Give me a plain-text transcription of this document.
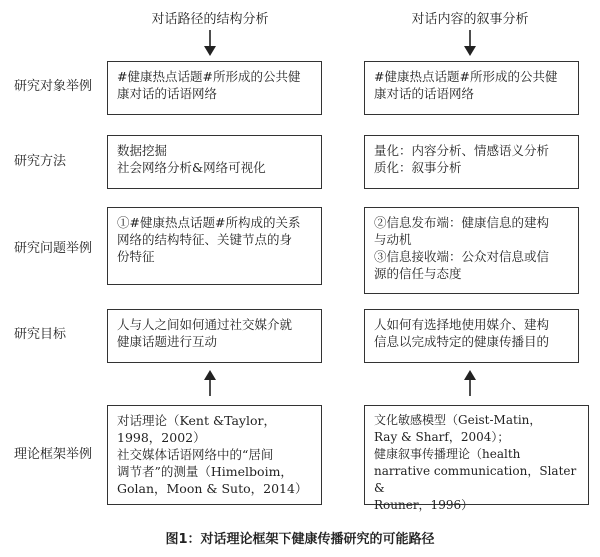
对话路径的结构分析	对话内容的叙事分析
研究对象举例
#健康热点话题#所形成的公共健
康对话的话语网络
#健康热点话题#所形成的公共健
康对话的话语网络
研究方法
数据挖掘
社会网络分析&网络可视化
量化：内容分析、情感语义分析
质化：叙事分析
研究问题举例
①#健康热点话题#所构成的关系
网络的结构特征、关键节点的身
份特征
②信息发布端：健康信息的建构
与动机
③信息接收端：公众对信息或信
源的信任与态度
研究目标
人与人之间如何通过社交媒介就
健康话题进行互动
人如何有选择地使用媒介、建构
信息以完成特定的健康传播目的
理论框架举例
对话理论（Kent &Taylor，
1998，2002）
社交媒体话语网络中的“居间
调节者”的测量（Himelboim，
Golan，Moon & Suto，2014）
文化敏感模型（Geist-Matin，
Ray & Sharf，2004）；
健康叙事传播理论（health
narrative communication，Slater &
Rouner，1996）
图1：对话理论框架下健康传播研究的可能路径
